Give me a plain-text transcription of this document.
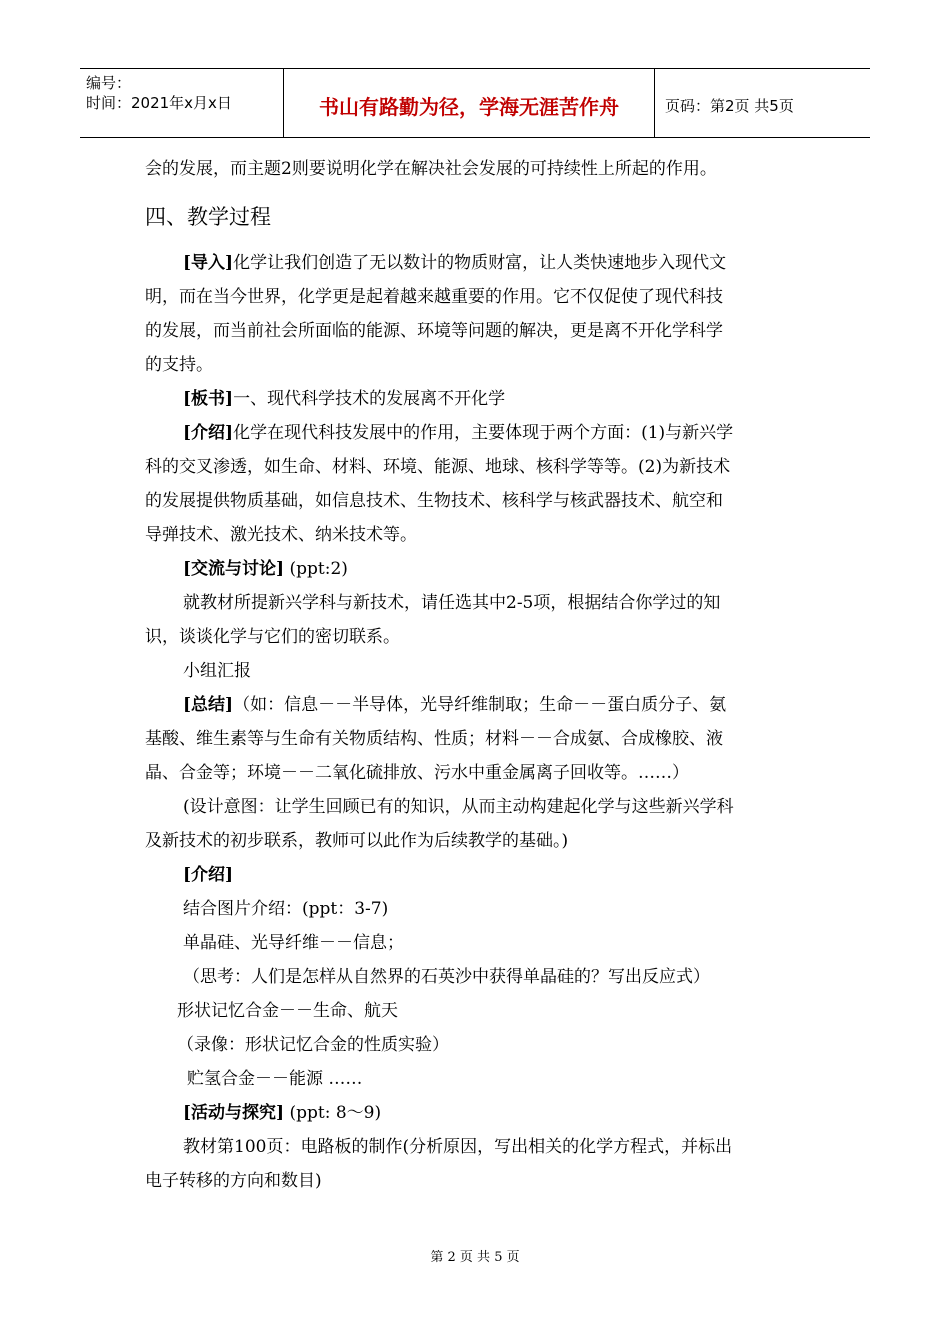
编号：
时间：2021年x月x日	书山有路勤为径，学海无涯苦作舟	页码：第2页 共5页
会的发展，而主题2则要说明化学在解决社会发展的可持续性上所起的作用。
四、教学过程
[导入]化学让我们创造了无以数计的物质财富，让人类快速地步入现代文
明，而在当今世界，化学更是起着越来越重要的作用。它不仅促使了现代科技
的发展，而当前社会所面临的能源、环境等问题的解决，更是离不开化学科学
的支持。
[板书]一、现代科学技术的发展离不开化学
[介绍]化学在现代科技发展中的作用，主要体现于两个方面：(1)与新兴学
科的交叉渗透，如生命、材料、环境、能源、地球、核科学等等。(2)为新技术
的发展提供物质基础，如信息技术、生物技术、核科学与核武器技术、航空和
导弹技术、激光技术、纳米技术等。
[交流与讨论] (ppt:2)
就教材所提新兴学科与新技术，请任选其中2-5项，根据结合你学过的知
识，谈谈化学与它们的密切联系。
小组汇报
[总结]（如：信息－－半导体，光导纤维制取；生命－－蛋白质分子、氨
基酸、维生素等与生命有关物质结构、性质；材料－－合成氨、合成橡胶、液
晶、合金等；环境－－二氧化硫排放、污水中重金属离子回收等。……）
(设计意图：让学生回顾已有的知识，从而主动构建起化学与这些新兴学科
及新技术的初步联系，教师可以此作为后续教学的基础。)
[介绍]
结合图片介绍：(ppt：3-7)
单晶硅、光导纤维－－信息；
（思考：人们是怎样从自然界的石英沙中获得单晶硅的？写出反应式）
形状记忆合金－－生命、航天
（录像：形状记忆合金的性质实验）
贮氢合金－－能源 ……
[活动与探究] (ppt: 8～9)
教材第100页：电路板的制作(分析原因，写出相关的化学方程式，并标出
电子转移的方向和数目)
第 2 页 共 5 页
